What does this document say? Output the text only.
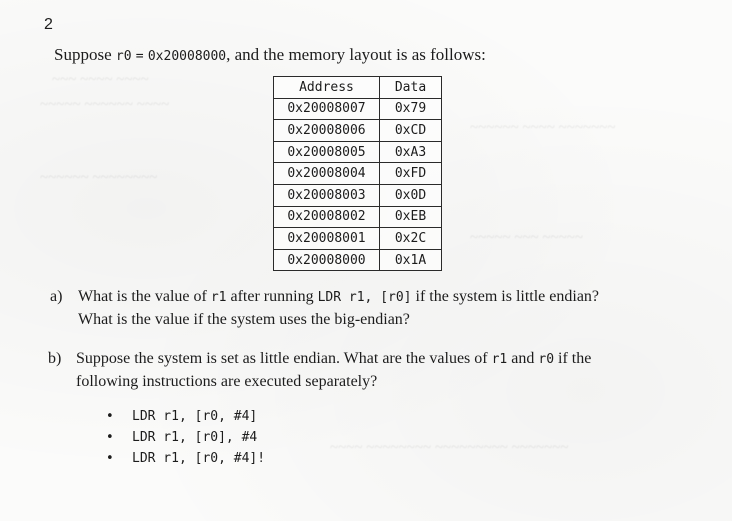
~~~ ~~~~ ~~~~
~~~~~ ~~~~~~ ~~~~
~~~~~~ ~~~~ ~~~~~~~
~~~~~~ ~~~~~~~~
~~~~~ ~~~ ~~~~~
~~~~ ~~~~~~~~ ~~~~~~~~~ ~~~~~~~
2
Suppose r0 = 0x20008000, and the memory layout is as follows:
Address	Data
0x20008007	0x79
0x20008006	0xCD
0x20008005	0xA3
0x20008004	0xFD
0x20008003	0x0D
0x20008002	0xEB
0x20008001	0x2C
0x20008000	0x1A
a) What is the value of r1 after running LDR r1, [r0] if the system is little endian?
What is the value if the system uses the big-endian?
b) Suppose the system is set as little endian. What are the values of r1 and r0 if the
following instructions are executed separately?
• LDR r1, [r0, #4]
• LDR r1, [r0], #4
• LDR r1, [r0, #4]!
